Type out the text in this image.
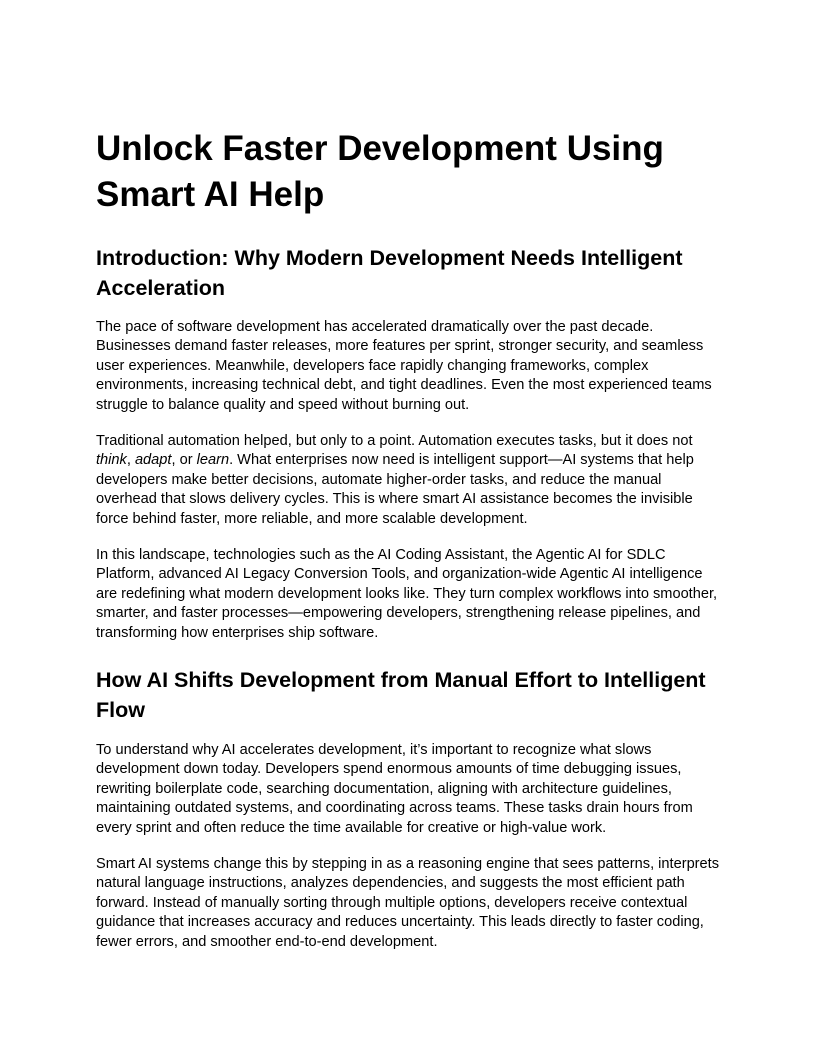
Unlock Faster Development Using Smart AI Help
Introduction: Why Modern Development Needs Intelligent Acceleration

The pace of software development has accelerated dramatically over the past decade. Businesses demand faster releases, more features per sprint, stronger security, and seamless user experiences. Meanwhile, developers face rapidly changing frameworks, complex environments, increasing technical debt, and tight deadlines. Even the most experienced teams struggle to balance quality and speed without burning out.

Traditional automation helped, but only to a point. Automation executes tasks, but it does not think, adapt, or learn. What enterprises now need is intelligent support—AI systems that help developers make better decisions, automate higher-order tasks, and reduce the manual overhead that slows delivery cycles. This is where smart AI assistance becomes the invisible force behind faster, more reliable, and more scalable development.

In this landscape, technologies such as the AI Coding Assistant, the Agentic AI for SDLC Platform, advanced AI Legacy Conversion Tools, and organization-wide Agentic AI intelligence are redefining what modern development looks like. They turn complex workflows into smoother, smarter, and faster processes—empowering developers, strengthening release pipelines, and transforming how enterprises ship software.

How AI Shifts Development from Manual Effort to Intelligent Flow

To understand why AI accelerates development, it’s important to recognize what slows development down today. Developers spend enormous amounts of time debugging issues, rewriting boilerplate code, searching documentation, aligning with architecture guidelines, maintaining outdated systems, and coordinating across teams. These tasks drain hours from every sprint and often reduce the time available for creative or high-value work.

Smart AI systems change this by stepping in as a reasoning engine that sees patterns, interprets natural language instructions, analyzes dependencies, and suggests the most efficient path forward. Instead of manually sorting through multiple options, developers receive contextual guidance that increases accuracy and reduces uncertainty. This leads directly to faster coding, fewer errors, and smoother end-to-end development.
